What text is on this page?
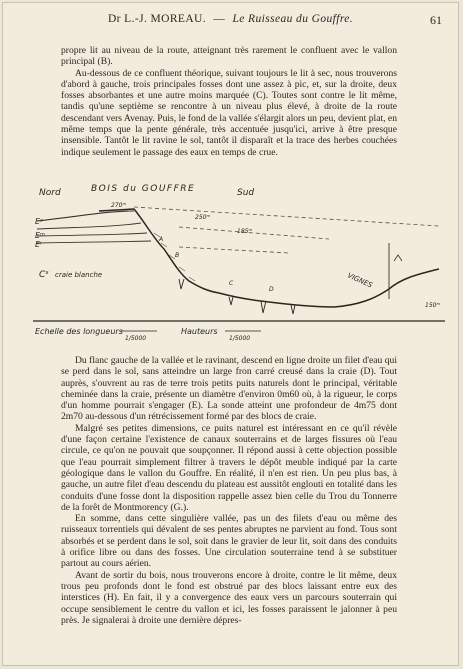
Dr L.-J. MOREAU. — Le Ruisseau du Gouffre.	61

propre lit au niveau de la route, atteignant très rarement le confluent avec le vallon principal (B).

Au-dessous de ce confluent théorique, suivant toujours le lit à sec, nous trouverons d'abord à gauche, trois principales fosses dont une assez à pic, et, sur la droite, deux fosses absorbantes et une autre moins marquée (C). Toutes sont contre le lit même, tandis qu'une septième se rencontre à un niveau plus élevé, à droite de la route descendant vers Avenay. Puis, le fond de la vallée s'élargit alors un peu, devient plat, en même temps que la pente générale, très accentuée jusqu'ici, arrive à être presque insensible. Tantôt le lit ravine le sol, tantôt il disparaît et la trace des herbes couchées indique seulement le passage des eaux en temps de crue.

Nord	BOIS du GOUFFRE	Sud
270ᵐ
250ᵐ
185ᵐ
150ᵐ
Eˢ
Eᵐ
Eⁱ
Cˢ craie blanche	VIGNES
A
B
C
D
Echelle des longueurs
1/5000
Hauteurs
1/5000

Du flanc gauche de la vallée et le ravinant, descend en ligne droite un filet d'eau qui se perd dans le sol, sans atteindre un large fron carré creusé dans la craie (D). Tout auprès, s'ouvrent au ras de terre trois petits puits naturels dont le principal, véritable cheminée dans la craie, présente un diamètre d'environ 0m60 où, à la rigueur, le corps d'un homme pourrait s'engager (E). La sonde atteint une profondeur de 4m75 dont 2m70 au-dessous d'un rétrécissement formé par des blocs de craie.

Malgré ses petites dimensions, ce puits naturel est intéressant en ce qu'il révèle d'une façon certaine l'existence de canaux souterrains et de larges fissures où l'eau circule, ce qu'on ne pouvait que soupçonner. Il répond aussi à cette objection possible que l'eau pourrait simplement filtrer à travers le dépôt meuble indiqué par la carte géologique dans le vallon du Gouffre. En réalité, il n'en est rien. Un peu plus bas, à gauche, un autre filet d'eau descendu du plateau est aussitôt englouti en totalité dans les conduits d'une fosse dont la disposition rappelle assez bien celle du Trou du Tonnerre de la forêt de Montmorency (G.).

En somme, dans cette singulière vallée, pas un des filets d'eau ou même des ruisseaux torrentiels qui dévalent de ses pentes abruptes ne parvient au fond. Tous sont absorbés et se perdent dans le sol, soit dans le gravier de leur lit, soit dans des conduits à orifice libre ou dans des fosses. Une circulation souterraine tend à se substituer partout au cours aérien.

Avant de sortir du bois, nous trouverons encore à droite, contre le lit même, deux trous peu profonds dont le fond est obstrué par des blocs laissant entre eux des interstices (H). En fait, il y a convergence des eaux vers un parcours souterrain qui occupe sensiblement le centre du vallon et ici, les fosses paraissent le jalonner à peu près. Je signalerai à droite une dernière dépres-
